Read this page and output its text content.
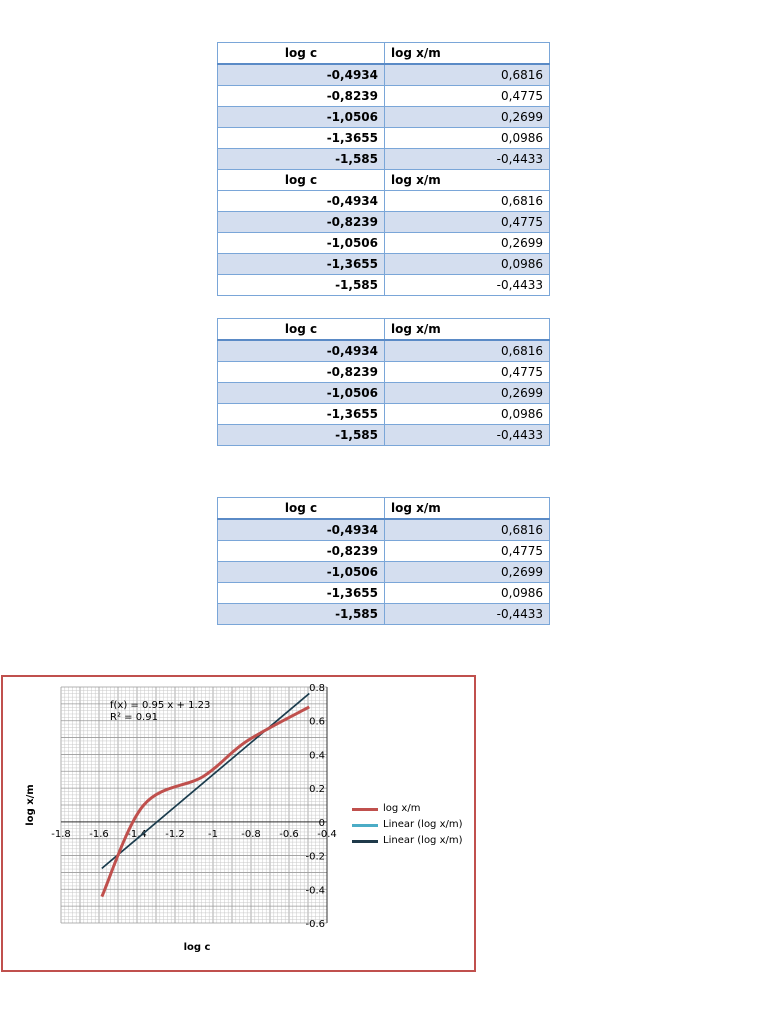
log c	log x/m
-0,4934	0,6816
-0,8239	0,4775
-1,0506	0,2699
-1,3655	0,0986
-1,585	-0,4433
log c	log x/m
-0,4934	0,6816
-0,8239	0,4775
-1,0506	0,2699
-1,3655	0,0986
-1,585	-0,4433
log c	log x/m
-0,4934	0,6816
-0,8239	0,4775
-1,0506	0,2699
-1,3655	0,0986
-1,585	-0,4433
log c	log x/m
-0,4934	0,6816
-0,8239	0,4775
-1,0506	0,2699
-1,3655	0,0986
-1,585	-0,4433
-1.8 -1.6 -1.4 -1.2 -1 -0.8 -0.6 -0.4
0.8
0.6
0.4
0.2
0
-0.2
-0.4
-0.6
log c
log x/m
f(x) = 0.95 x + 1.23
R² = 0.91
log x/m
Linear (log x/m)
Linear (log x/m)
